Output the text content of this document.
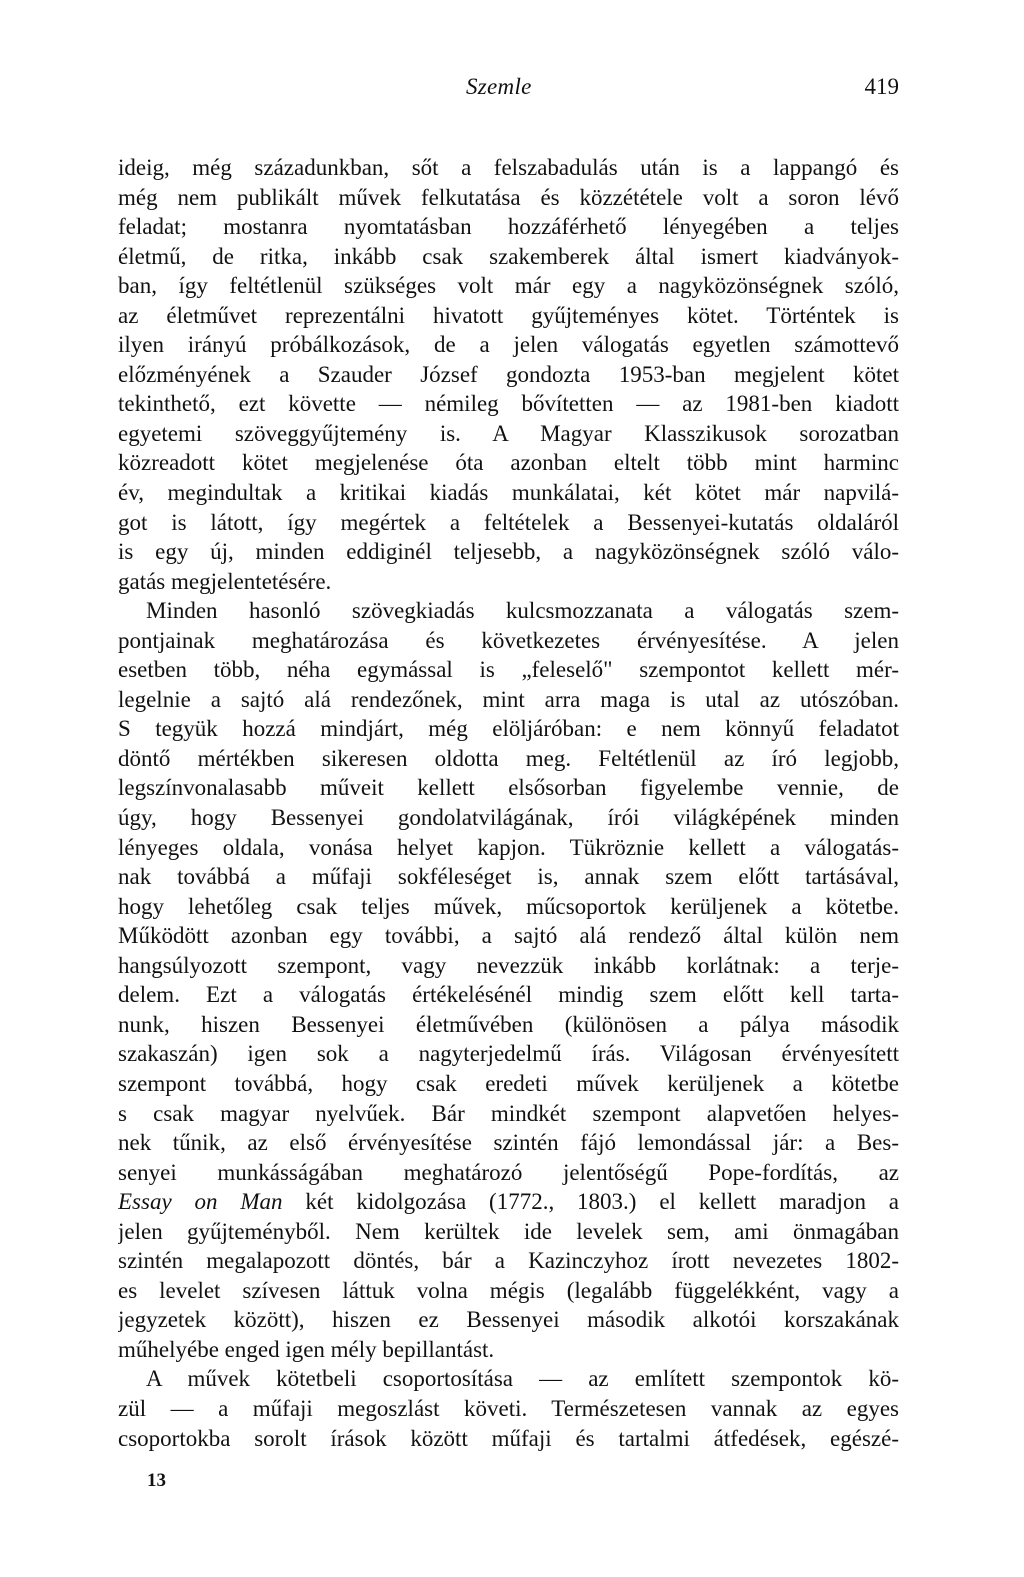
Szemle	419
ideig, még századunkban, sőt a felszabadulás után is a lappangó és
még nem publikált művek felkutatása és közzététele volt a soron lévő
feladat; mostanra nyomtatásban hozzáférhető lényegében a teljes
életmű, de ritka, inkább csak szakemberek által ismert kiadványok-
ban, így feltétlenül szükséges volt már egy a nagyközönségnek szóló,
az életművet reprezentálni hivatott gyűjteményes kötet. Történtek is
ilyen irányú próbálkozások, de a jelen válogatás egyetlen számottevő
előzményének a Szauder József gondozta 1953-ban megjelent kötet
tekinthető, ezt követte — némileg bővítetten — az 1981-ben kiadott
egyetemi szöveggyűjtemény is. A Magyar Klasszikusok sorozatban
közreadott kötet megjelenése óta azonban eltelt több mint harminc
év, megindultak a kritikai kiadás munkálatai, két kötet már napvilá-
got is látott, így megértek a feltételek a Bessenyei-kutatás oldaláról
is egy új, minden eddiginél teljesebb, a nagyközönségnek szóló válo-
gatás megjelentetésére.
Minden hasonló szövegkiadás kulcsmozzanata a válogatás szem-
pontjainak meghatározása és következetes érvényesítése. A jelen
esetben több, néha egymással is „feleselő" szempontot kellett mér-
legelnie a sajtó alá rendezőnek, mint arra maga is utal az utószóban.
S tegyük hozzá mindjárt, még elöljáróban: e nem könnyű feladatot
döntő mértékben sikeresen oldotta meg. Feltétlenül az író legjobb,
legszínvonalasabb műveit kellett elsősorban figyelembe vennie, de
úgy, hogy Bessenyei gondolatvilágának, írói világképének minden
lényeges oldala, vonása helyet kapjon. Tükröznie kellett a válogatás-
nak továbbá a műfaji sokféleséget is, annak szem előtt tartásával,
hogy lehetőleg csak teljes művek, műcsoportok kerüljenek a kötetbe.
Működött azonban egy további, a sajtó alá rendező által külön nem
hangsúlyozott szempont, vagy nevezzük inkább korlátnak: a terje-
delem. Ezt a válogatás értékelésénél mindig szem előtt kell tarta-
nunk, hiszen Bessenyei életművében (különösen a pálya második
szakaszán) igen sok a nagyterjedelmű írás. Világosan érvényesített
szempont továbbá, hogy csak eredeti művek kerüljenek a kötetbe
s csak magyar nyelvűek. Bár mindkét szempont alapvetően helyes-
nek tűnik, az első érvényesítése szintén fájó lemondással jár: a Bes-
senyei munkásságában meghatározó jelentőségű Pope-fordítás, az
Essay on Man két kidolgozása (1772., 1803.) el kellett maradjon a
jelen gyűjteményből. Nem kerültek ide levelek sem, ami önmagában
szintén megalapozott döntés, bár a Kazinczyhoz írott nevezetes 1802-
es levelet szívesen láttuk volna mégis (legalább függelékként, vagy a
jegyzetek között), hiszen ez Bessenyei második alkotói korszakának
műhelyébe enged igen mély bepillantást.
A művek kötetbeli csoportosítása — az említett szempontok kö-
zül — a műfaji megoszlást követi. Természetesen vannak az egyes
csoportokba sorolt írások között műfaji és tartalmi átfedések, egészé-
13
